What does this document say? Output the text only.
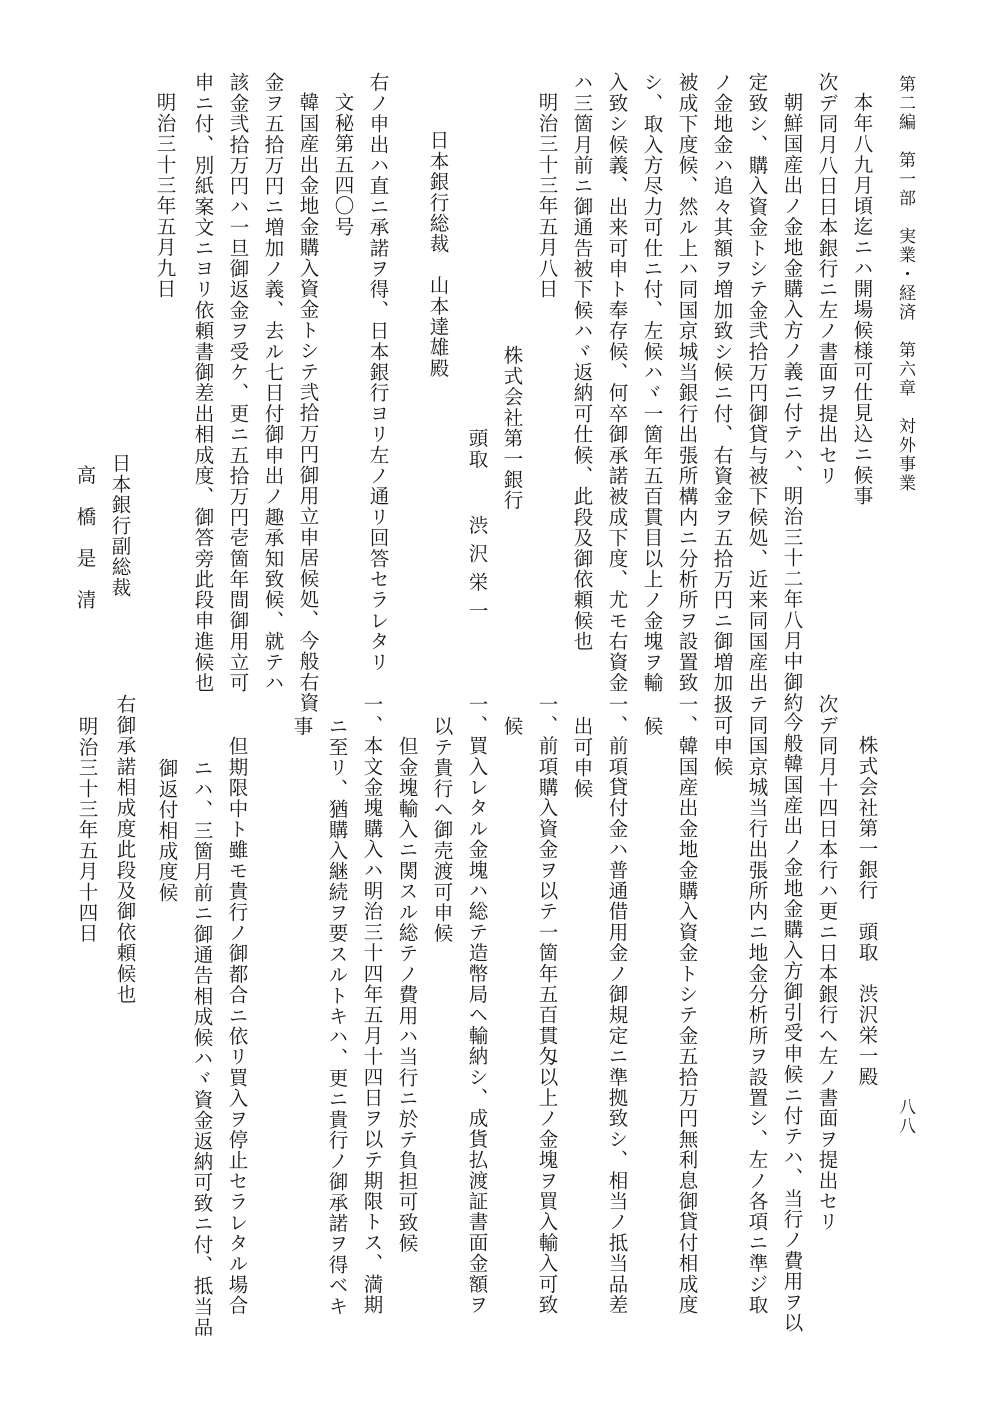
第二編　第一部　実業・経済　第六章　対外事業
八八
本年八九月頃迄ニハ開場候様可仕見込ニ候事
次デ同月八日日本銀行ニ左ノ書面ヲ提出セリ
朝鮮国産出ノ金地金購入方ノ義ニ付テハ、明治三十二年八月中御約
定致シ、購入資金トシテ金弐拾万円御貸与被下候処、近来同国産出
ノ金地金ハ追々其額ヲ増加致シ候ニ付、右資金ヲ五拾万円ニ御増加
被成下度候、然ル上ハ同国京城当銀行出張所構内ニ分析所ヲ設置致
シ、取入方尽力可仕ニ付、左候ハヾ一箇年五百貫目以上ノ金塊ヲ輸
入致シ候義、出来可申ト奉存候、何卒御承諾被成下度、尤モ右資金
ハ三箇月前ニ御通告被下候ハヾ返納可仕候、此段及御依頼候也
明治三十三年五月八日
株式会社第一銀行
頭取
渋沢栄一
日本銀行総裁　山本達雄殿
右ノ申出ハ直ニ承諾ヲ得、日本銀行ヨリ左ノ通リ回答セラレタリ
文秘第五四〇号
韓国産出金地金購入資金トシテ弐拾万円御用立申居候処、今般右資
金ヲ五拾万円ニ増加ノ義、去ル七日付御申出ノ趣承知致候、就テハ
該金弐拾万円ハ一旦御返金ヲ受ケ、更ニ五拾万円壱箇年間御用立可
申ニ付、別紙案文ニヨリ依頼書御差出相成度、御答旁此段申進候也
明治三十三年五月九日
日本銀行副総裁
高橋是清
株式会社第一銀行　頭取　渋沢栄一殿
次デ同月十四日本行ハ更ニ日本銀行ヘ左ノ書面ヲ提出セリ
今般韓国産出ノ金地金購入方御引受申候ニ付テハ、当行ノ費用ヲ以
テ同国京城当行出張所内ニ地金分析所ヲ設置シ、左ノ各項ニ準ジ取
扱可申候
一、韓国産出金地金購入資金トシテ金五拾万円無利息御貸付相成度
候
一、前項貸付金ハ普通借用金ノ御規定ニ準拠致シ、相当ノ抵当品差
出可申候
一、前項購入資金ヲ以テ一箇年五百貫匁以上ノ金塊ヲ買入輸入可致
候
一、買入レタル金塊ハ総テ造幣局ヘ輸納シ、成貨払渡証書面金額ヲ
以テ貴行ヘ御売渡可申候
但金塊輸入ニ関スル総テノ費用ハ当行ニ於テ負担可致候
一、本文金塊購入ハ明治三十四年五月十四日ヲ以テ期限トス、満期
ニ至リ、猶購入継続ヲ要スルトキハ、更ニ貴行ノ御承諾ヲ得ベキ
事
但期限中ト雖モ貴行ノ御都合ニ依リ買入ヲ停止セラレタル場合
ニハ、三箇月前ニ御通告相成候ハヾ資金返納可致ニ付、抵当品
御返付相成度候
右御承諾相成度此段及御依頼候也
明治三十三年五月十四日
